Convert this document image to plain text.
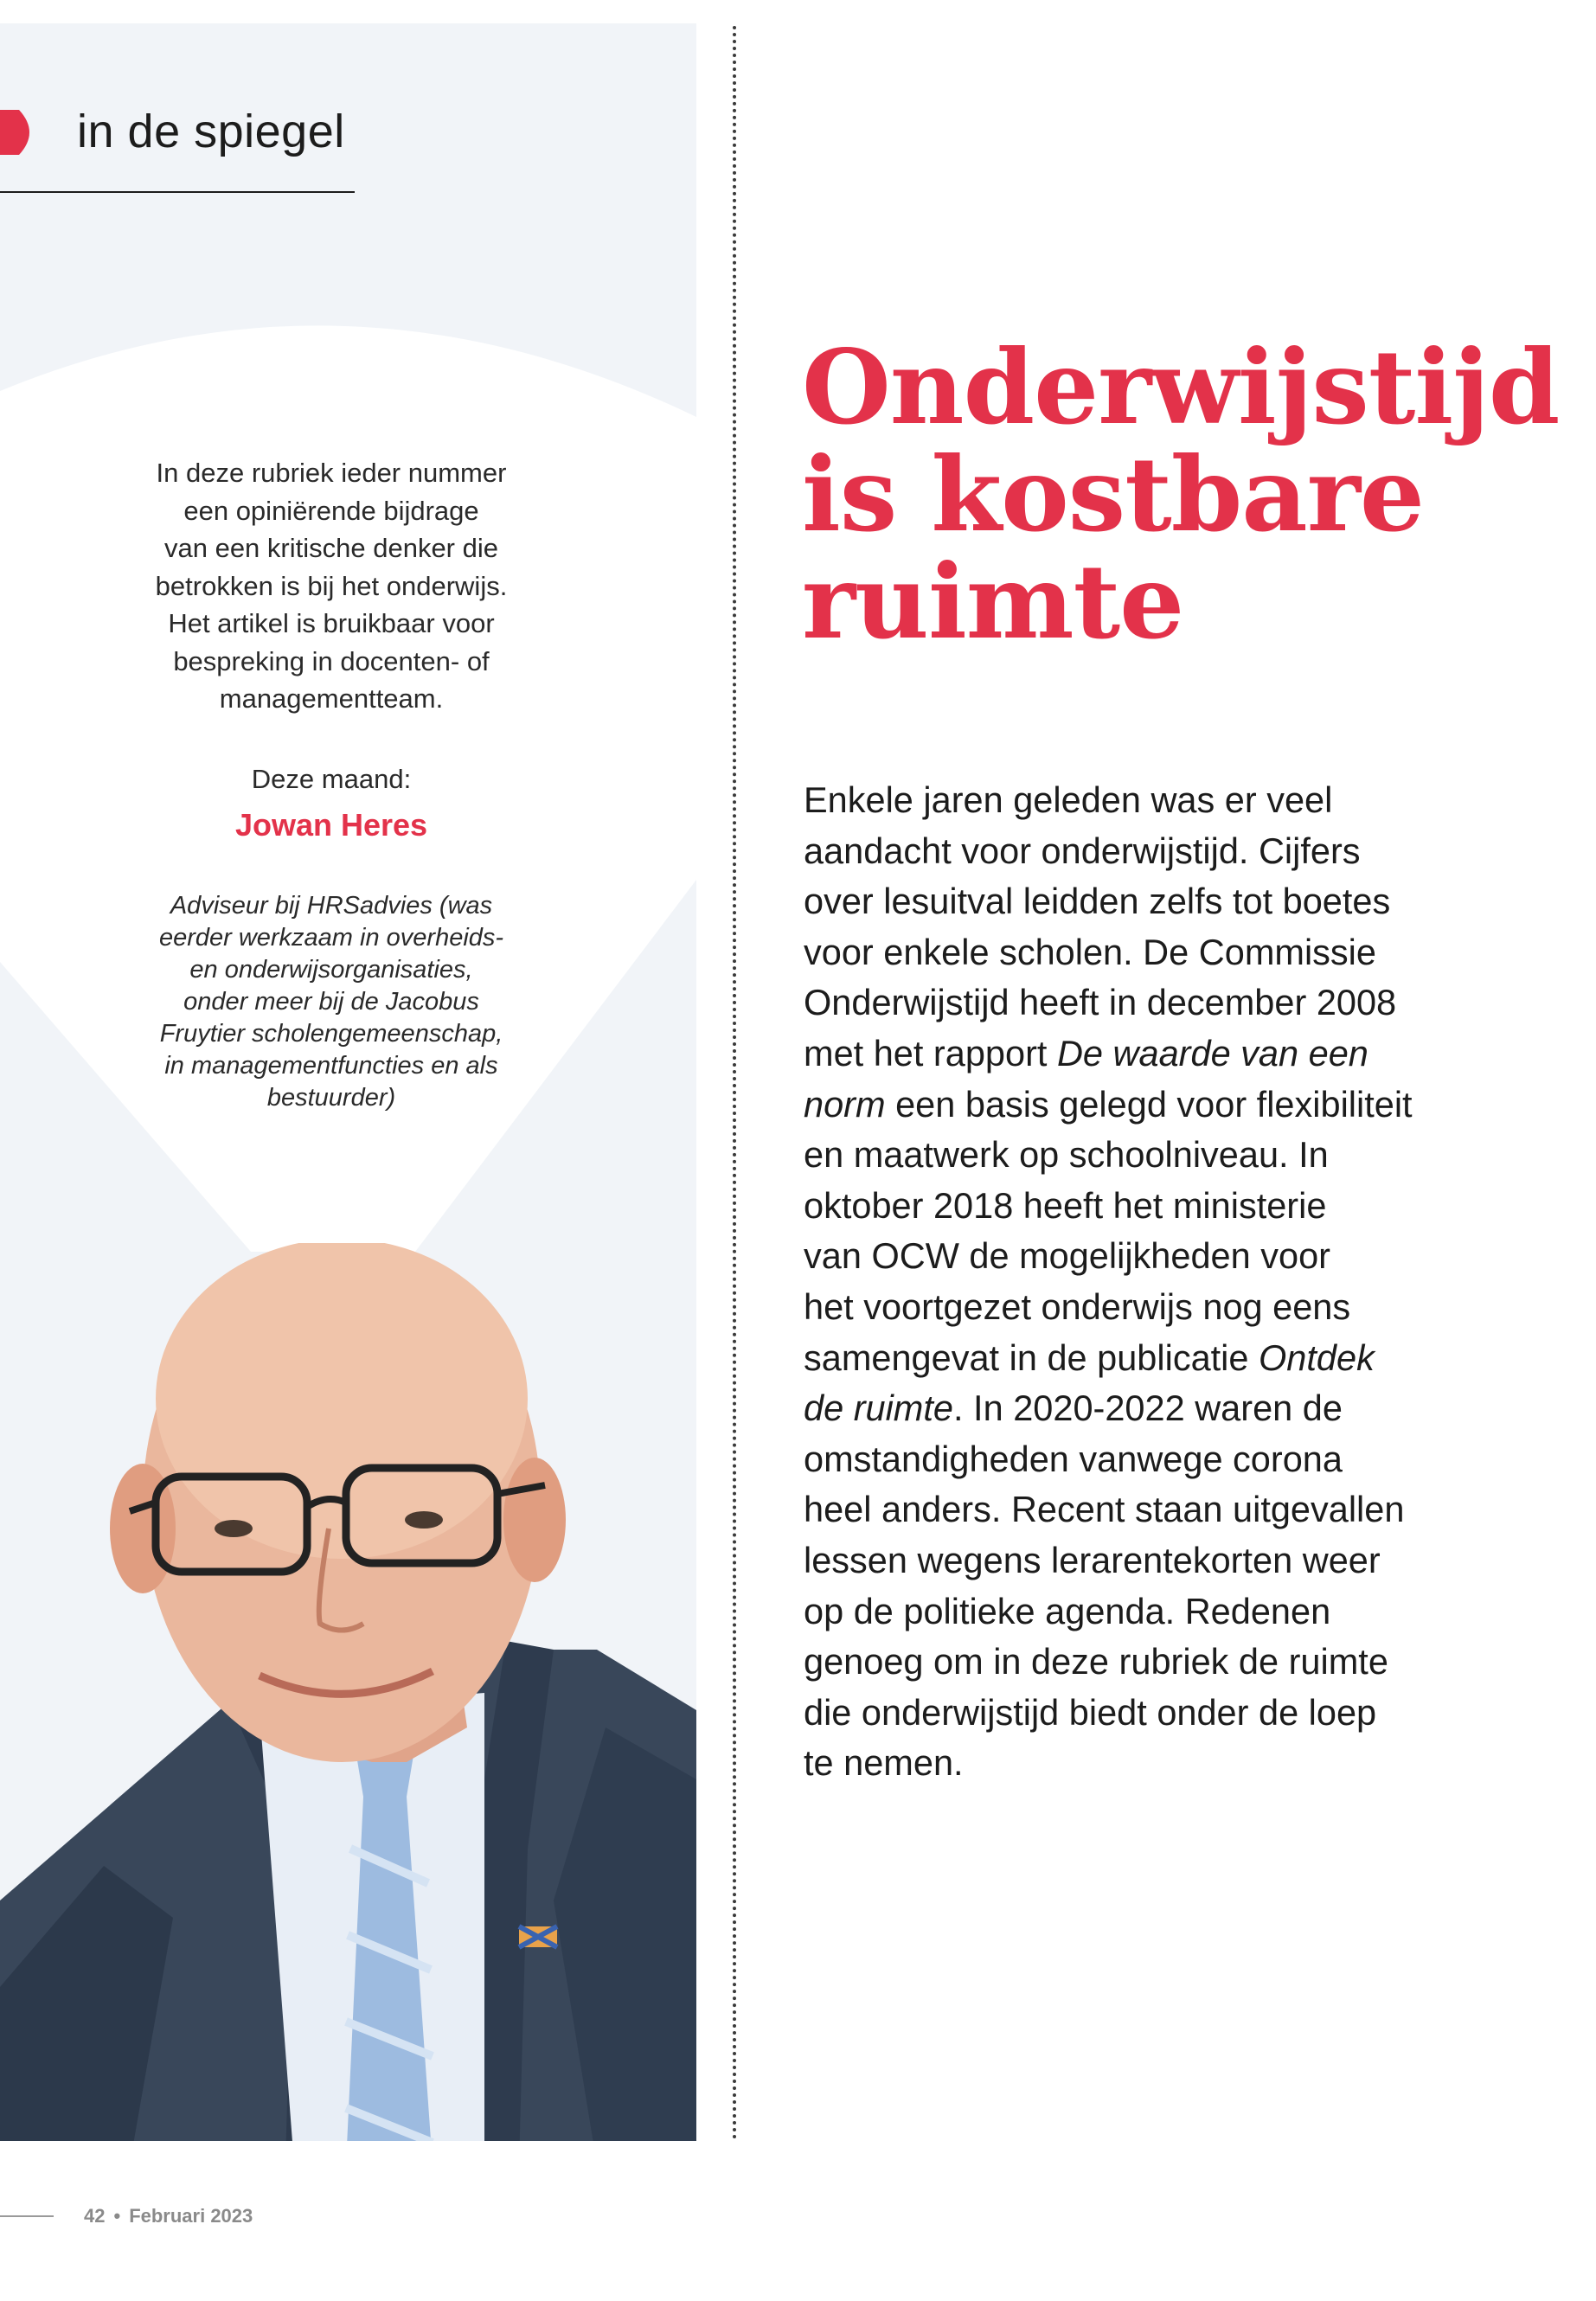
in de spiegel
In deze rubriek ieder nummer
een opiniërende bijdrage
van een kritische denker die
betrokken is bij het onderwijs.
Het artikel is bruikbaar voor
bespreking in docenten- of
managementteam.
Deze maand:
Jowan Heres
Adviseur bij HRSadvies (was
eerder werkzaam in overheids-
en onderwijsorganisaties,
onder meer bij de Jacobus
Fruytier scholengemeenschap,
in managementfuncties en als
bestuurder)
Onderwijstijd
is kostbare
ruimte
Enkele jaren geleden was er veel
aandacht voor onderwijstijd. Cijfers
over lesuitval leidden zelfs tot boetes
voor enkele scholen. De Commissie
Onderwijstijd heeft in december 2008
met het rapport De waarde van een
norm een basis gelegd voor flexibiliteit
en maatwerk op schoolniveau. In
oktober 2018 heeft het ministerie
van OCW de mogelijkheden voor
het voortgezet onderwijs nog eens
samengevat in de publicatie Ontdek
de ruimte. In 2020-2022 waren de
omstandigheden vanwege corona
heel anders. Recent staan uitgevallen
lessen wegens lerarentekorten weer
op de politieke agenda. Redenen
genoeg om in deze rubriek de ruimte
die onderwijstijd biedt onder de loep
te nemen.
42 • Februari 2023
